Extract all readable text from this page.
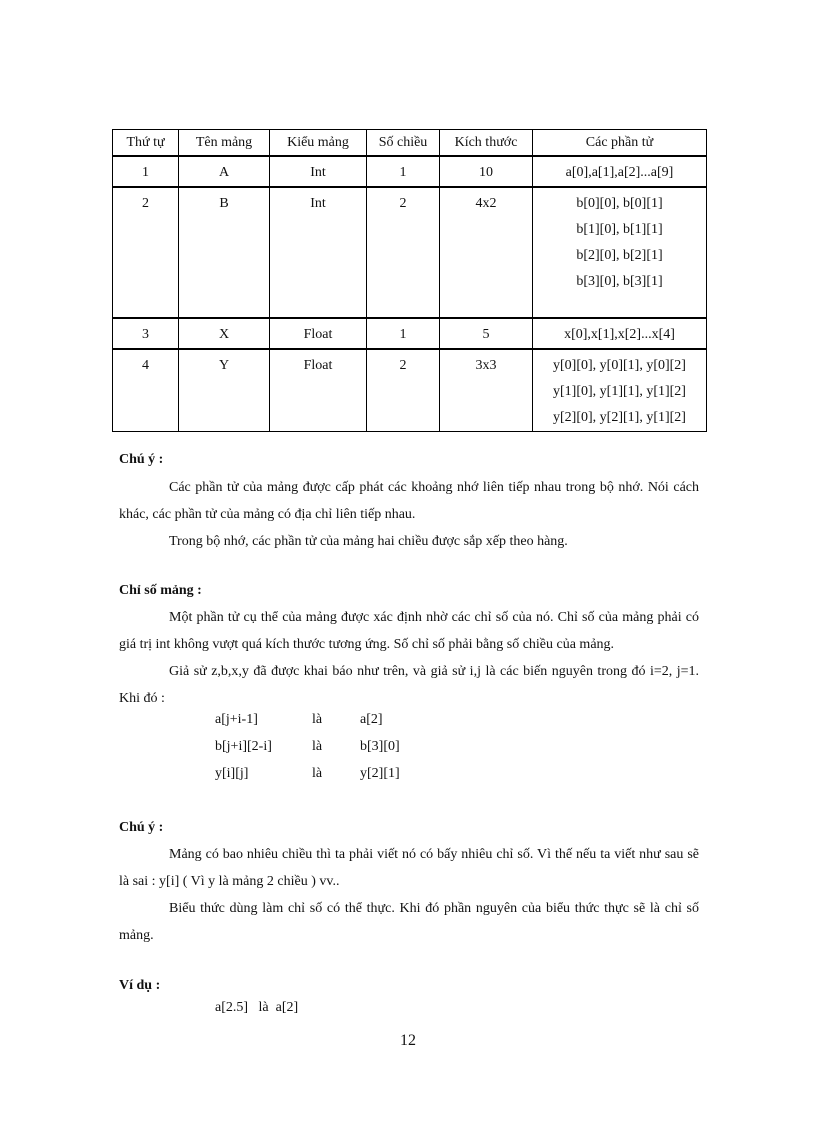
Thứ tự	Tên mảng	Kiểu mảng	Số chiều	Kích thước	Các phần tử
1	A	Int	1	10	a[0],a[1],a[2]...a[9]

2	B	Int	2	4x2	b[0][0], b[0][1]
b[1][0], b[1][1]
b[2][0], b[2][1]
b[3][0], b[3][1]

3	X	Float	1	5	x[0],x[1],x[2]...x[4]

4	Y	Float	2	3x3	y[0][0], y[0][1], y[0][2]
y[1][0], y[1][1], y[1][2]
y[2][0], y[2][1], y[1][2]
Chú ý :
Các phần tử của mảng được cấp phát các khoảng nhớ liên tiếp nhau trong bộ nhớ. Nói cách khác, các phần tử của mảng có địa chỉ liên tiếp nhau.
Trong bộ nhớ, các phần tử của mảng hai chiều được sắp xếp theo hàng.
Chỉ số mảng :
Một phần tử cụ thể của mảng được xác định nhờ các chỉ số của nó. Chỉ số của mảng phải có giá trị int không vượt quá kích thước tương ứng. Số chỉ số phải bằng số chiều của mảng.
Giả sử z,b,x,y đã được khai báo như trên, và giả sử i,j là các biến nguyên trong đó i=2, j=1. Khi đó :
a[j+i-1]	là	a[2]
b[j+i][2-i]	là	b[3][0]
y[i][j]	là	y[2][1]
Chú ý :
Mảng có bao nhiêu chiều thì ta phải viết nó có bấy nhiêu chỉ số. Vì thế nếu ta viết như sau sẽ là sai : y[i] ( Vì y là mảng 2 chiều ) vv..
Biểu thức dùng làm chỉ số có thể thực. Khi đó phần nguyên của biểu thức thực sẽ là chỉ số mảng.
Ví dụ :
a[2.5]   là  a[2]
12
